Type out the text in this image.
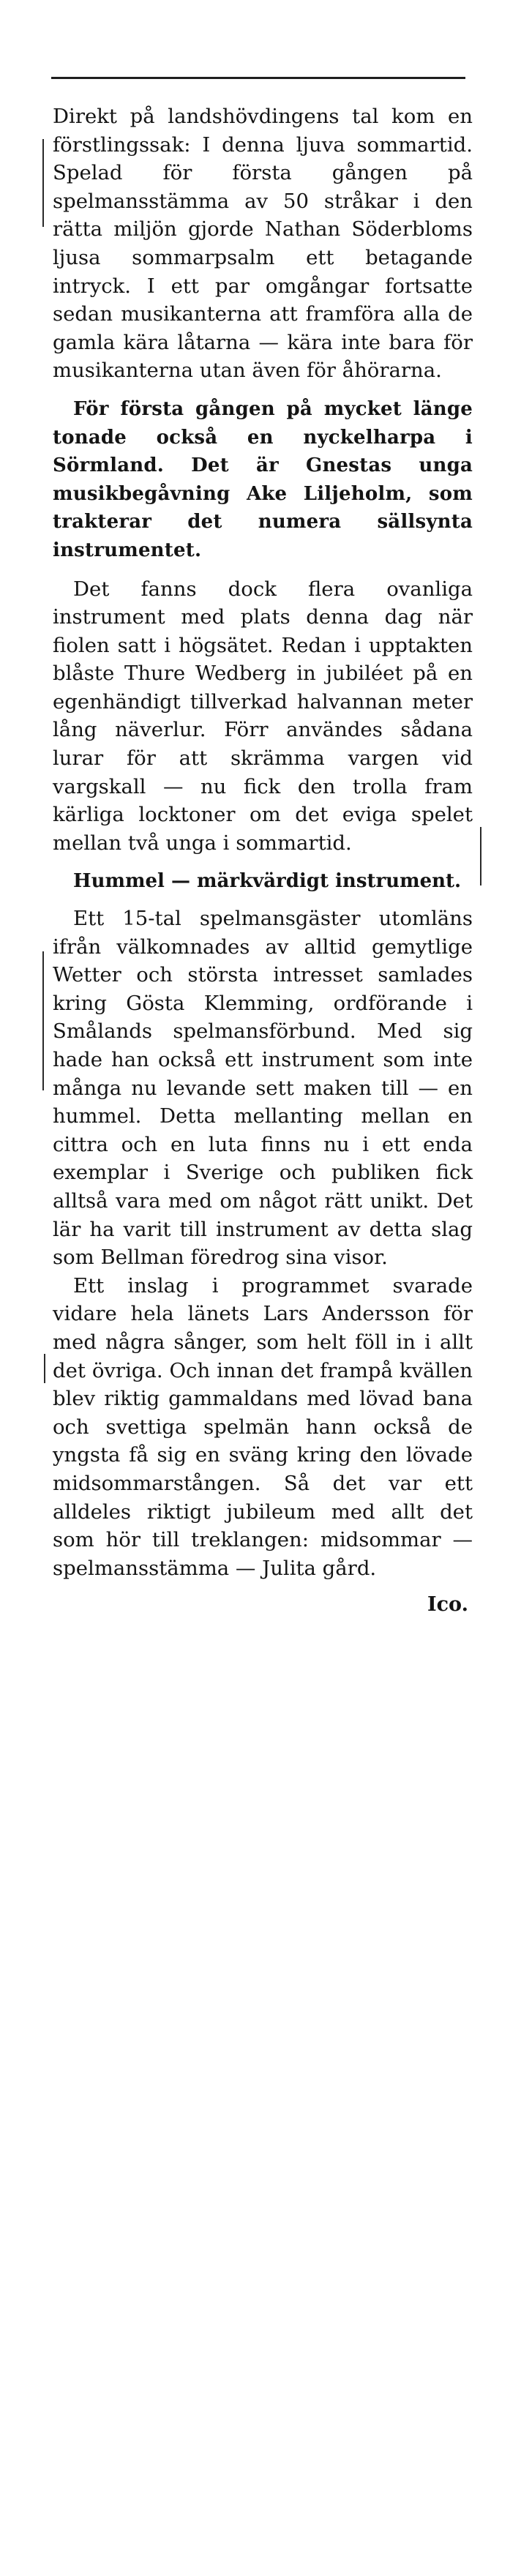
Direkt på landshövdingens tal kom en förstlingssak: I denna ljuva sommartid. Spelad för första gången på spelmansstämma av 50 stråkar i den rätta miljön gjorde Nathan Söderbloms ljusa sommarpsalm ett betagande intryck. I ett par omgångar fortsatte sedan musikanterna att framföra alla de gamla kära låtarna — kära inte bara för musikanterna utan även för åhörarna.

För första gången på mycket länge tonade också en nyckelharpa i Sörmland. Det är Gnestas unga musikbegåvning Ake Liljeholm, som trakterar det numera sällsynta instrumentet.

Det fanns dock flera ovanliga instrument med plats denna dag när fiolen satt i högsätet. Redan i upptakten blåste Thure Wedberg in jubiléet på en egenhändigt tillverkad halvannan meter lång näverlur. Förr användes sådana lurar för att skrämma vargen vid vargskall — nu fick den trolla fram kärliga locktoner om det eviga spelet mellan två unga i sommartid.

Hummel — märkvärdigt instrument.

Ett 15-tal spelmansgäster utomläns ifrån välkomnades av alltid gemytlige Wetter och största intresset samlades kring Gösta Klemming, ordförande i Smålands spelmansförbund. Med sig hade han också ett instrument som inte många nu levande sett maken till — en hummel. Detta mellanting mellan en cittra och en luta finns nu i ett enda exemplar i Sverige och publiken fick alltså vara med om något rätt unikt. Det lär ha varit till instrument av detta slag som Bellman föredrog sina visor.

Ett inslag i programmet svarade vidare hela länets Lars Andersson för med några sånger, som helt föll in i allt det övriga. Och innan det frampå kvällen blev riktig gammaldans med lövad bana och svettiga spelmän hann också de yngsta få sig en sväng kring den lövade midsommarstången. Så det var ett alldeles riktigt jubileum med allt det som hör till treklangen: midsommar — spelmansstämma — Julita gård.

Ico.
